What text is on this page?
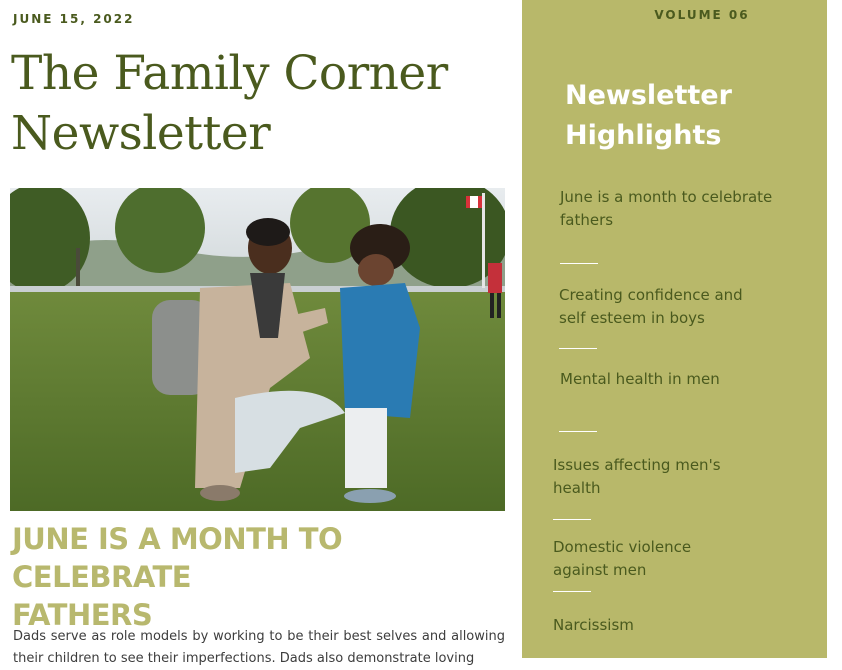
JUNE 15, 2022
The Family Corner
Newsletter
JUNE IS A MONTH TO CELEBRATE
FATHERS

Dads serve as role models by working to be their best selves and allowing their children to see their imperfections. Dads also demonstrate loving

VOLUME 06
Newsletter
Highlights
June is a month to celebrate
fathers
Creating confidence and
self esteem in boys
Mental health in men
Issues affecting men's
health
Domestic violence
against men
Narcissism
